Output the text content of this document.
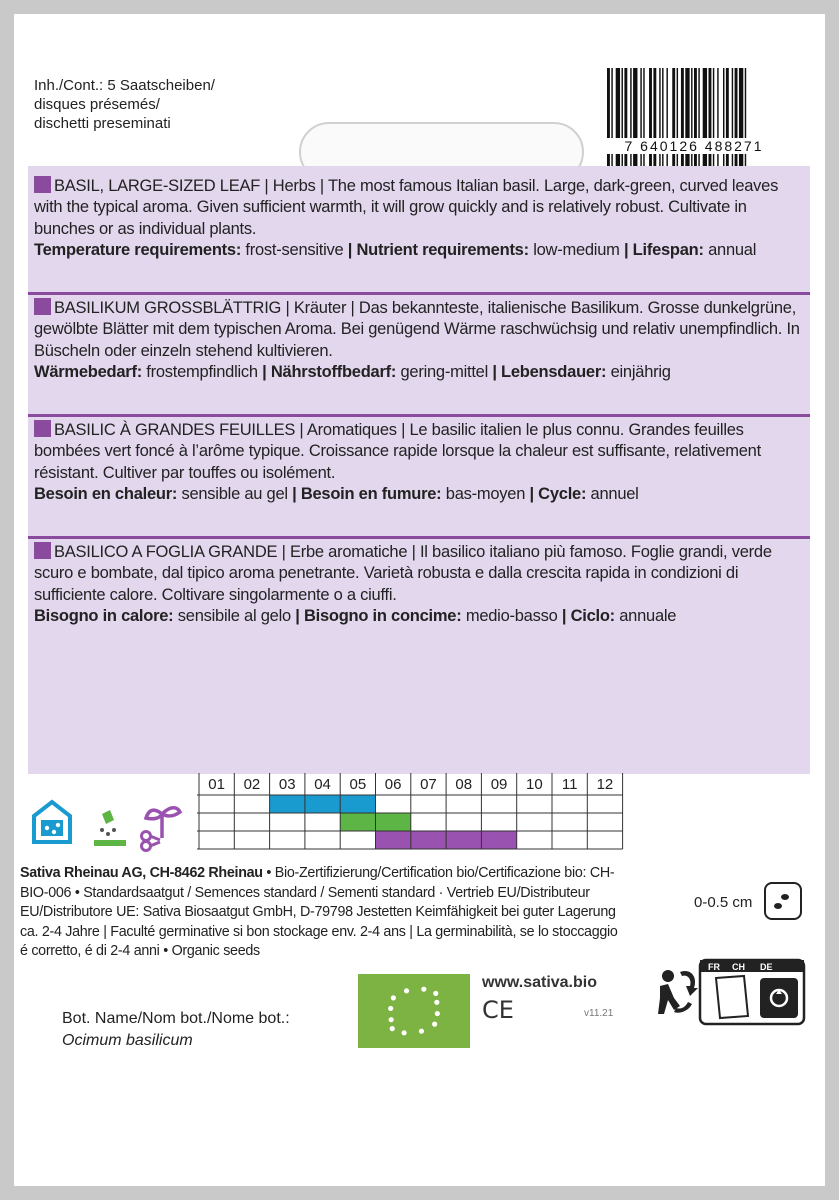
Inh./Cont.: 5 Saatscheiben/
disques présemés/
dischetti preseminati
7 640126 488271
BASIL, LARGE-SIZED LEAF | Herbs | The most famous Italian basil. Large, dark-green, curved leaves with the typical aroma. Given sufficient warmth, it will grow quickly and is relatively robust. Cultivate in bunches or as individual plants.
Temperature requirements: frost-sensitive | Nutrient requirements: low-medium | Lifespan: annual
BASILIKUM GROSSBLÄTTRIG | Kräuter | Das bekannteste, italienische Basilikum. Grosse dunkelgrüne, gewölbte Blätter mit dem typischen Aroma. Bei genügend Wärme raschwüchsig und relativ unempfindlich. In Büscheln oder einzeln stehend kultivieren.
Wärmebedarf: frostempfindlich | Nährstoffbedarf: gering-mittel | Lebensdauer: einjährig
BASILIC À GRANDES FEUILLES | Aromatiques | Le basilic italien le plus connu. Grandes feuilles bombées vert foncé à l’arôme typique. Croissance rapide lorsque la chaleur est suffisante, relativement résistant. Cultiver par touffes ou isolément.
Besoin en chaleur: sensible au gel | Besoin en fumure: bas-moyen | Cycle: annuel
BASILICO A FOGLIA GRANDE | Erbe aromatiche | Il basilico italiano più famoso. Foglie grandi, verde scuro e bombate, dal tipico aroma penetrante. Varietà robusta e dalla crescita rapida in condizioni di sufficiente calore. Coltivare singolarmente o a ciuffi.
Bisogno in calore: sensibile al gelo | Bisogno in concime: medio-basso | Ciclo: annuale
01 02 03 04 05 06 07 08 09 10 11 12
Sativa Rheinau AG, CH-8462 Rheinau • Bio-Zertifizierung/Certification bio/Certificazione bio: CH-BIO-006 • Standardsaatgut / Semences standard / Sementi standard · Vertrieb EU/Distributeur EU/Distributore UE: Sativa Biosaatgut GmbH, D-79798 Jestetten Keimfähigkeit bei guter Lagerung ca. 2-4 Jahre | Faculté germinative si bon stockage env. 2-4 ans | La germinabilità, se lo stoccaggio é corretto, é di 2-4 anni • Organic seeds
0-0.5 cm
Bot. Name/Nom bot./Nome bot.:
Ocimum basilicum
www.sativa.bio
CE	v11.21
FR CH DE
